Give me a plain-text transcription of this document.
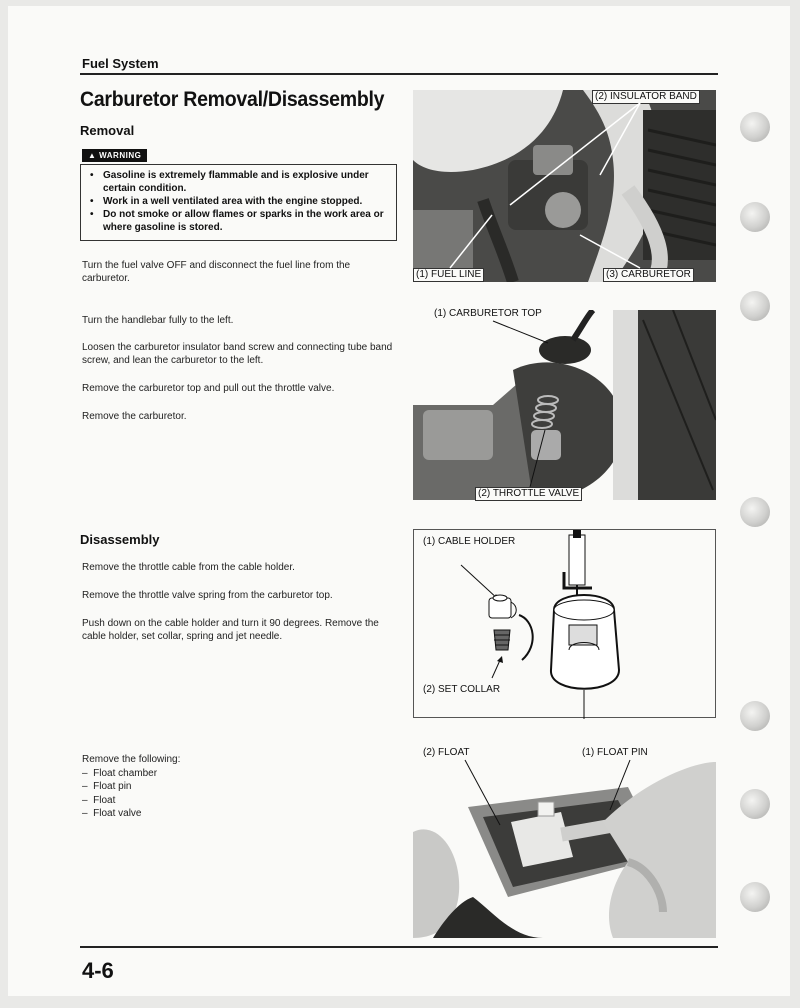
Fuel System
Carburetor Removal/Disassembly
Removal
▲ WARNING
• Gasoline is extremely flammable and is explosive under certain condition.
• Work in a well ventilated area with the engine stopped.
• Do not smoke or allow flames or sparks in the work area or where gasoline is stored.
Turn the fuel valve OFF and disconnect the fuel line from the carburetor.
Turn the handlebar fully to the left.
Loosen the carburetor insulator band screw and connecting tube band screw, and lean the carburetor to the left.
Remove the carburetor top and pull out the throttle valve.
Remove the carburetor.
Disassembly
Remove the throttle cable from the cable holder.
Remove the throttle valve spring from the carburetor top.
Push down on the cable holder and turn it 90 degrees. Remove the cable holder, set collar, spring and jet needle.
Remove the following:
–  Float chamber
–  Float pin
–  Float
–  Float valve
(2) INSULATOR BAND
(1) FUEL LINE	(3) CARBURETOR
(1) CARBURETOR TOP
(2) THROTTLE VALVE
(1) CABLE HOLDER
(2) SET COLLAR
(2) FLOAT	(1) FLOAT PIN
4-6
